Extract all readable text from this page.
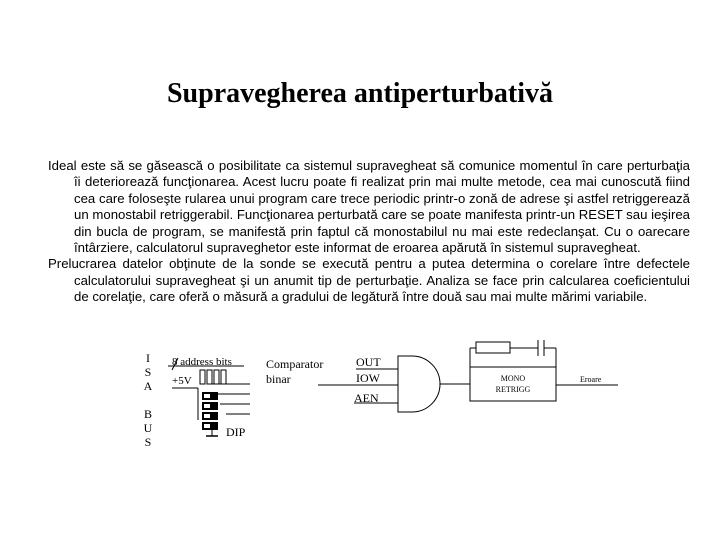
Supravegherea antiperturbativă

Ideal este să se găsească o posibilitate ca sistemul supravegheat să comunice momentul în care perturbaţia îi deteriorează funcţionarea. Acest lucru poate fi realizat prin mai multe metode, cea mai cunoscută fiind cea care foloseşte rularea unui program care trece periodic printr-o zonă de adrese şi astfel retriggerează un monostabil retriggerabil. Funcţionarea perturbată care se poate manifesta printr-un RESET sau ieşirea din bucla de program, se manifestă prin faptul că monostabilul nu mai este redeclanşat. Cu o oarecare întârziere, calculatorul supraveghetor este informat de eroarea apărută în sistemul supravegheat.

Prelucrarea datelor obţinute de la sonde se execută pentru a putea determina o corelare între defectele calculatorului supravegheat şi un anumit tip de perturbaţie. Analiza se face prin calcularea coeficientului de corelaţie, care oferă o măsură a gradului de legătură între două sau mai multe mărimi variabile.

I
S
A
B
U
S
8 address bits
+5V
DIP
Comparator
binar
OUT
IOW
AEN
MONO
RETRIGG
Eroare
